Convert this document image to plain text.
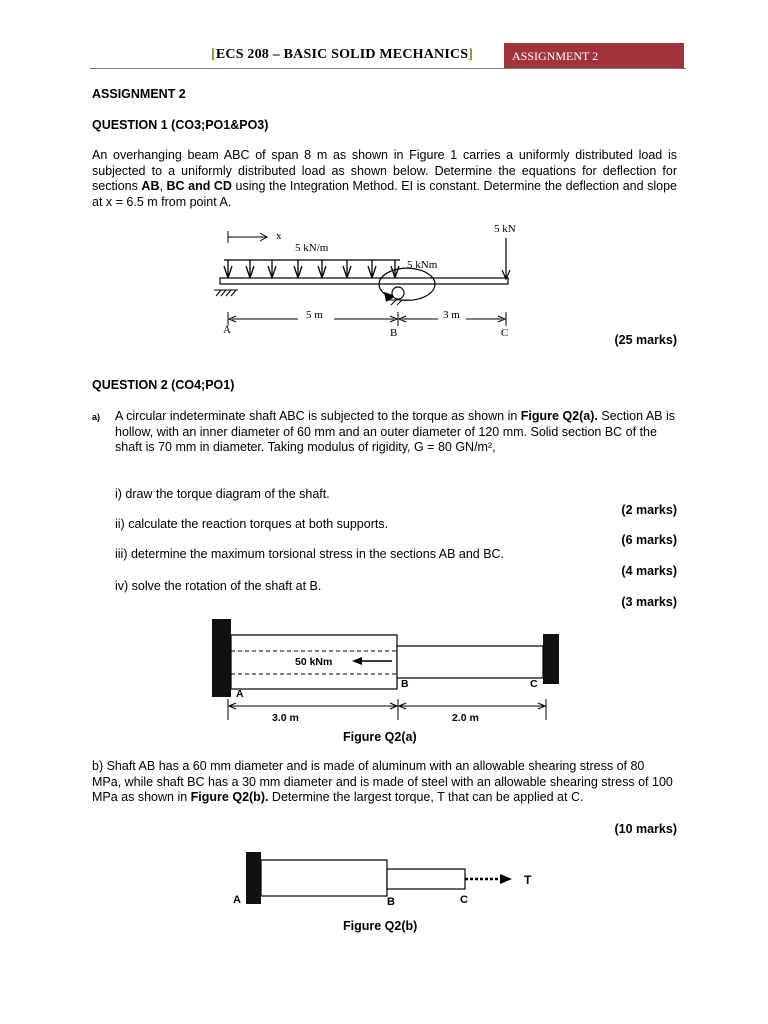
[ECS 208 – BASIC SOLID MECHANICS]	ASSIGNMENT 2
ASSIGNMENT 2
QUESTION 1 (CO3;PO1&PO3)
An overhanging beam ABC of span 8 m as shown in Figure 1 carries a uniformly distributed load is subjected to a uniformly distributed load as shown below. Determine the equations for deflection for sections AB, BC and CD using the Integration Method. EI is constant. Determine the deflection and slope at x = 6.5 m from point A.
x
5 kN/m
5 kNm
5 kN
5 m	3 m
A	B	C	(25 marks)
QUESTION 2 (CO4;PO1)
a) A circular indeterminate shaft ABC is subjected to the torque as shown in Figure Q2(a). Section AB is hollow, with an inner diameter of 60 mm and an outer diameter of 120 mm. Solid section BC of the shaft is 70 mm in diameter. Taking modulus of rigidity, G = 80 GN/m²,
i) draw the torque diagram of the shaft.
(2 marks)
ii) calculate the reaction torques at both supports.
(6 marks)
iii) determine the maximum torsional stress in the sections AB and BC.
(4 marks)
iv) solve the rotation of the shaft at B.
(3 marks)
50 kNm
A
B	C
3.0 m	2.0 m
Figure Q2(a)
b) Shaft AB has a 60 mm diameter and is made of aluminum with an allowable shearing stress of 80 MPa, while shaft BC has a 30 mm diameter and is made of steel with an allowable shearing stress of 100 MPa as shown in Figure Q2(b). Determine the largest torque, T that can be applied at C.
(10 marks)
T
A	B	C
Figure Q2(b)
